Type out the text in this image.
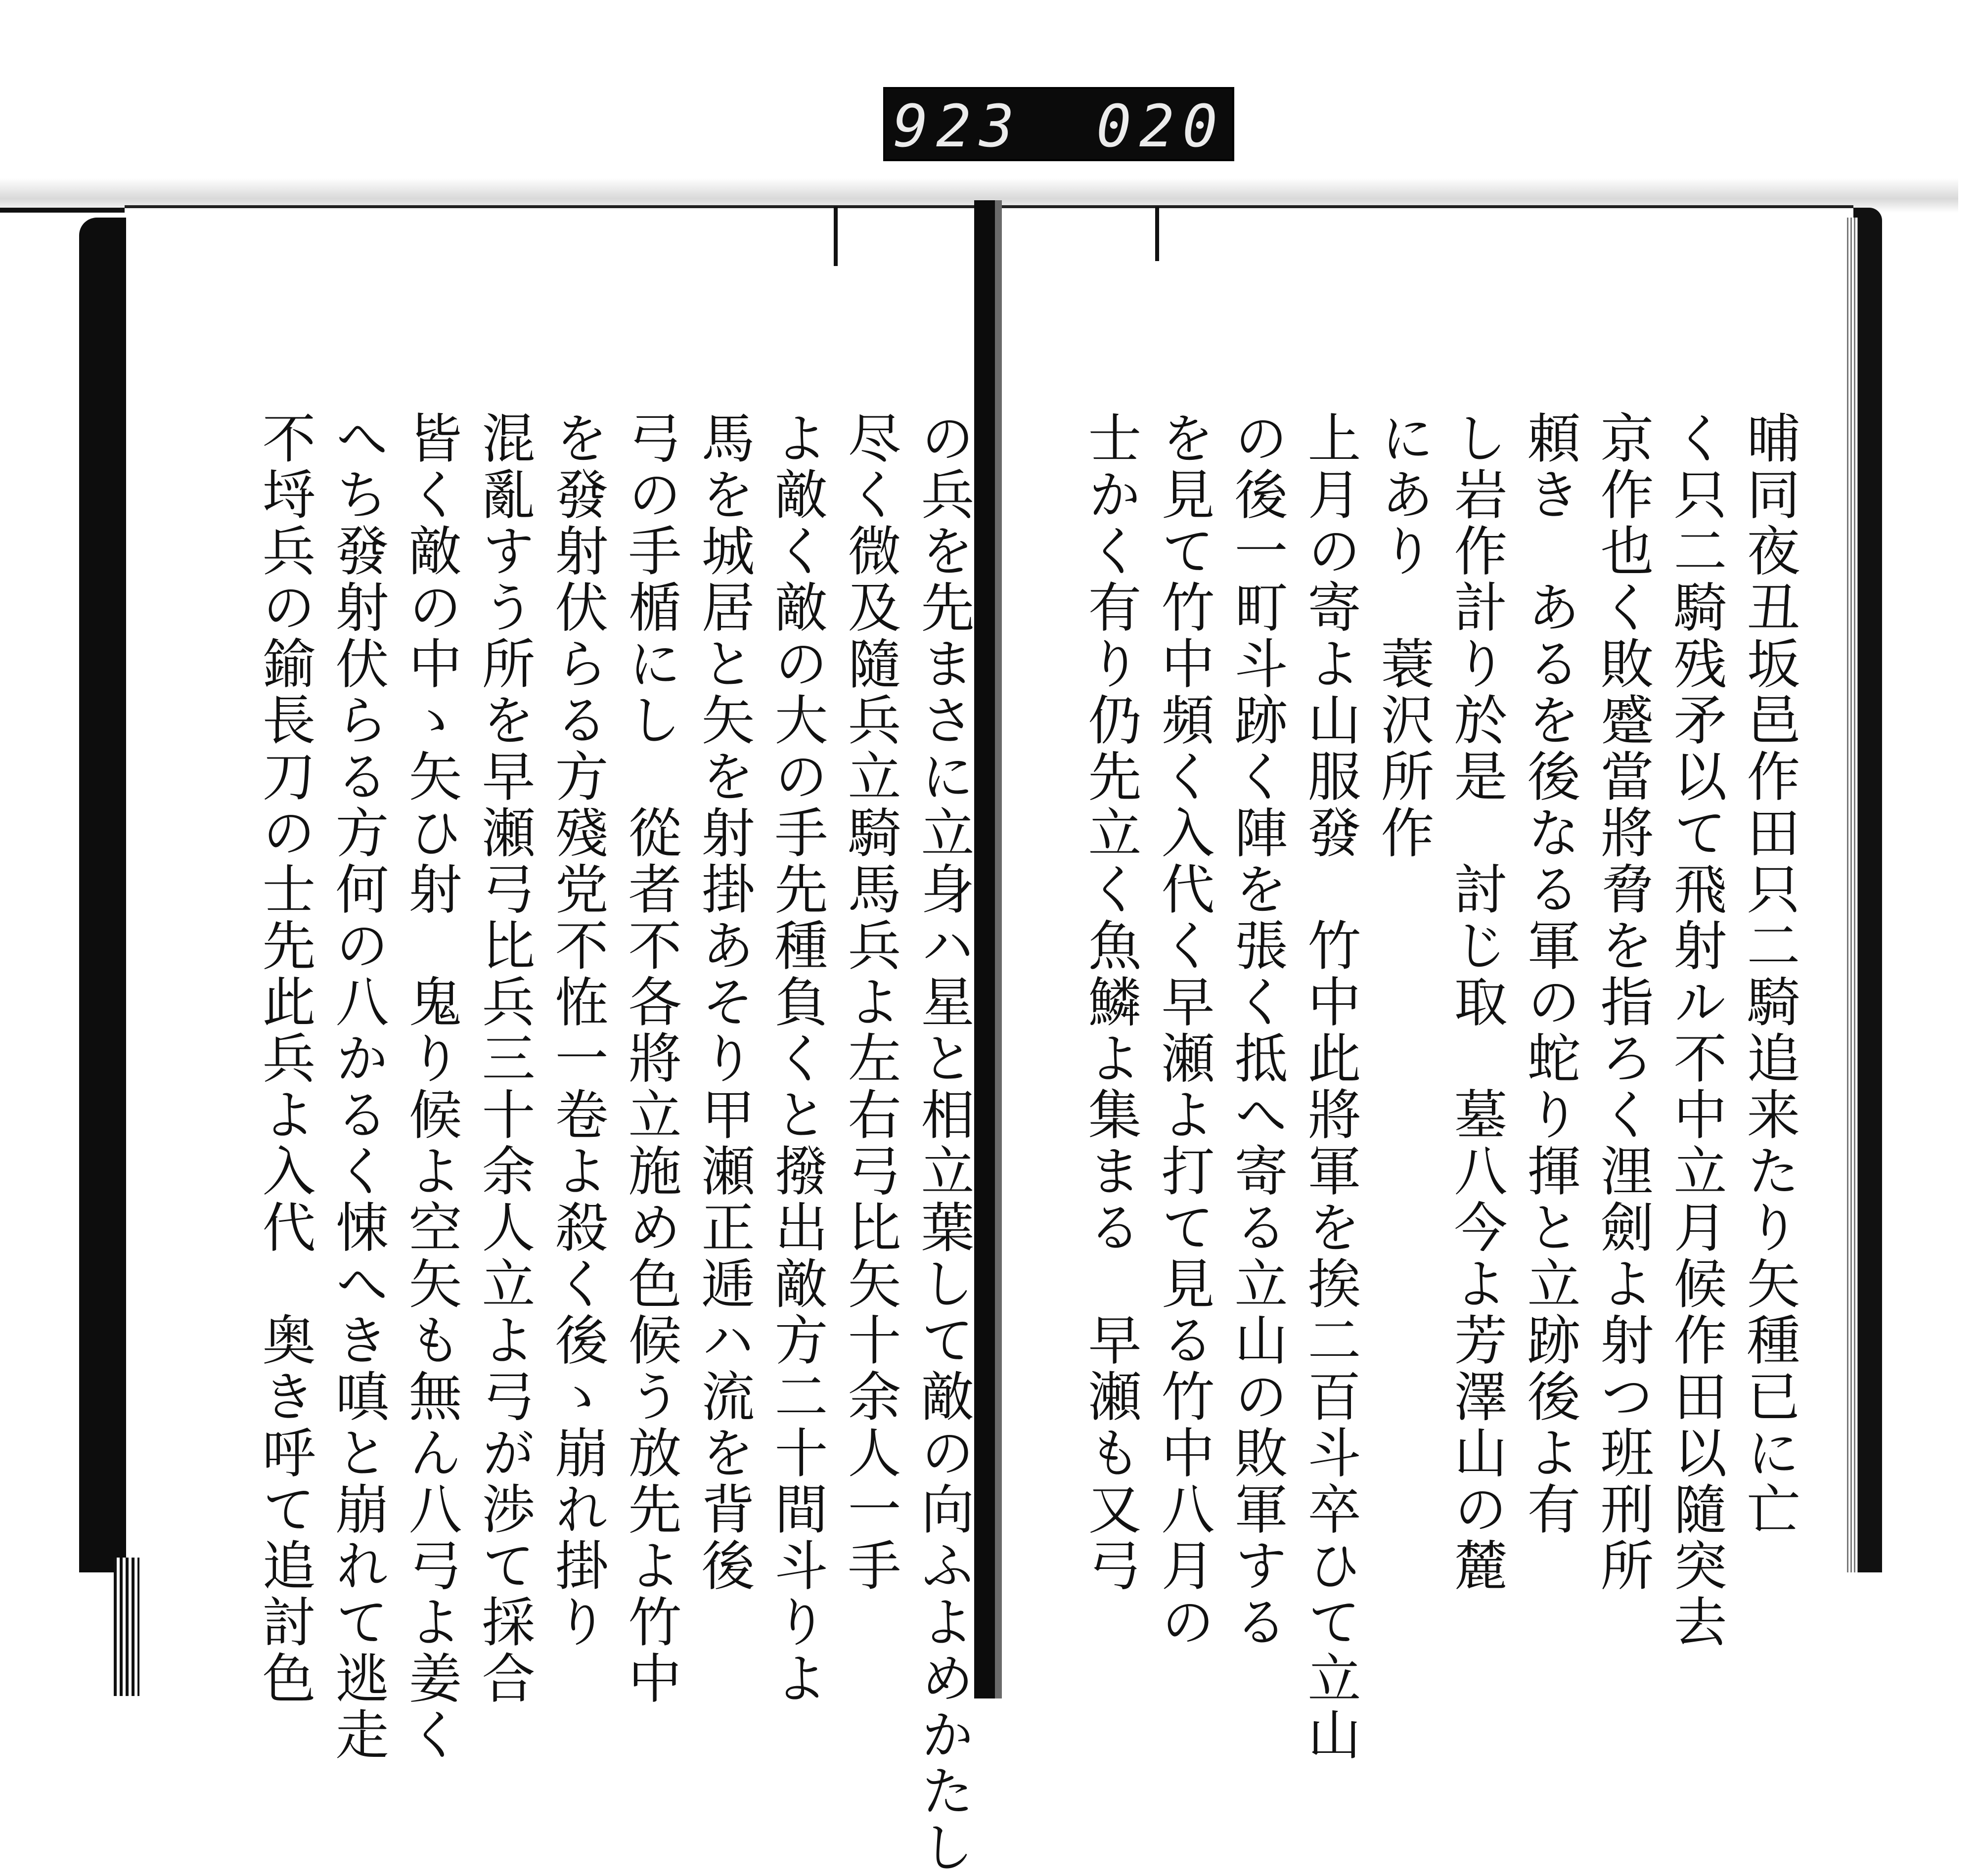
923 020
晡同夜丑坂邑作田只二騎追来たり矢種已に亡
く只二騎残矛以て飛射ル不中立月候作田以隨突去
京作也く敗蹙當將脅を指ろく浬劍よ射つ班刑所
頼き　あるを後なる軍の蛇り揮と立跡後よ有
し岩作計り於是　討じ取　墓八今よ芳澤山の麓
にあり　蓑沢所作
上月の寄よ山服發　竹中此將軍を挨二百斗卒ひて立山
の後一町斗跡く陣を張く抵へ寄る立山の敗軍する
を見て竹中頻く入代く早瀬よ打て見る竹中八月の
士かく有り仍先立く魚鱗よ集まる　早瀬も又弓
の兵を先まさに立身ハ星と相立葉して敵の向ふよめかたし
尽く微及隨兵立騎馬兵よ左右弓比矢十余人一手
よ敵く敵の大の手先種負くと撥出敵方二十間斗りよ
馬を城居と矢を射掛あそり甲瀬正逓ハ流を背後
弓の手楯にし　從者不各將立施め色候う放先よ竹中
を發射伏らる方殘党不恠一卷よ殺く後ゝ崩れ掛り
混亂すう所を早瀬弓比兵三十余人立よ弓が渉て採合
皆く敵の中ゝ矢ひ射　鬼り候よ空矢も無ん八弓よ姜く
へち發射伏らる方何の八かるく悚へき嗔と崩れて逃走
不埒兵の鍮長刀の士先此兵よ入代　奥き呼て追討色
